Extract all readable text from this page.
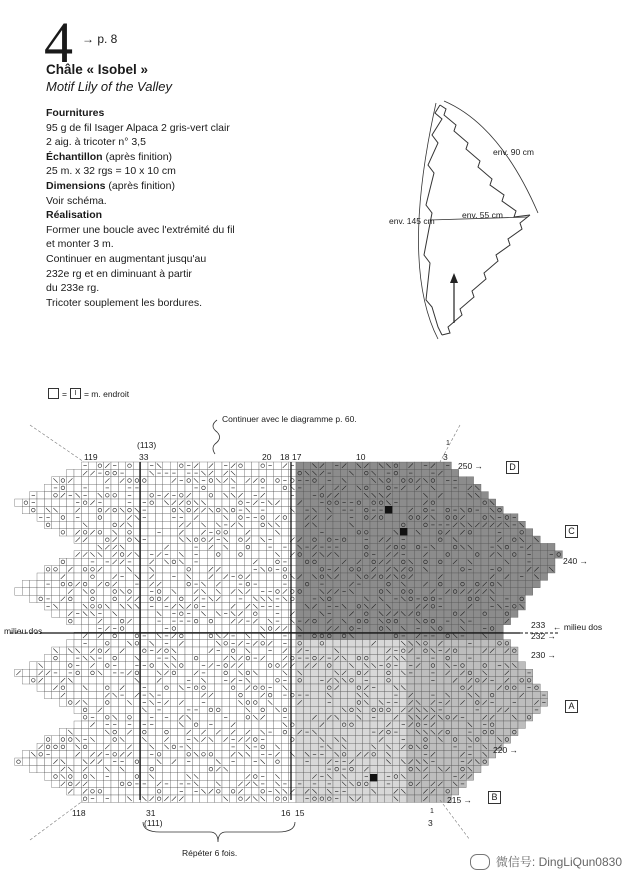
4 → p. 8
Châle « Isobel »
Motif Lily of the Valley
Fournitures
95 g de fil Isager Alpaca 2 gris-vert clair
2 aig. à tricoter n° 3,5
Échantillon (après finition)
25 m. x 32 rgs = 10 x 10 cm
Dimensions (après finition)
Voir schéma.
Réalisation
Former une boucle avec l'extrémité du fil
et monter 3 m.
Continuer en augmentant jusqu'au
232e rg et en diminuant à partir
du 233e rg.
Tricoter souplement les bordures.
env. 90 cm
env. 145 cm
env. 55 cm
=	I = m. endroit
Continuer avec le diagramme p. 60.
(113)
119	33	20 18 17	10	3
1
250 →
240 →
233
232 →
230 →
220 →
215 →
milieu dos	← milieu dos
D
C
A
B
118	31
(111)
16 15
3
1
Répéter 6 fois.
微信号: DingLiQun0830
